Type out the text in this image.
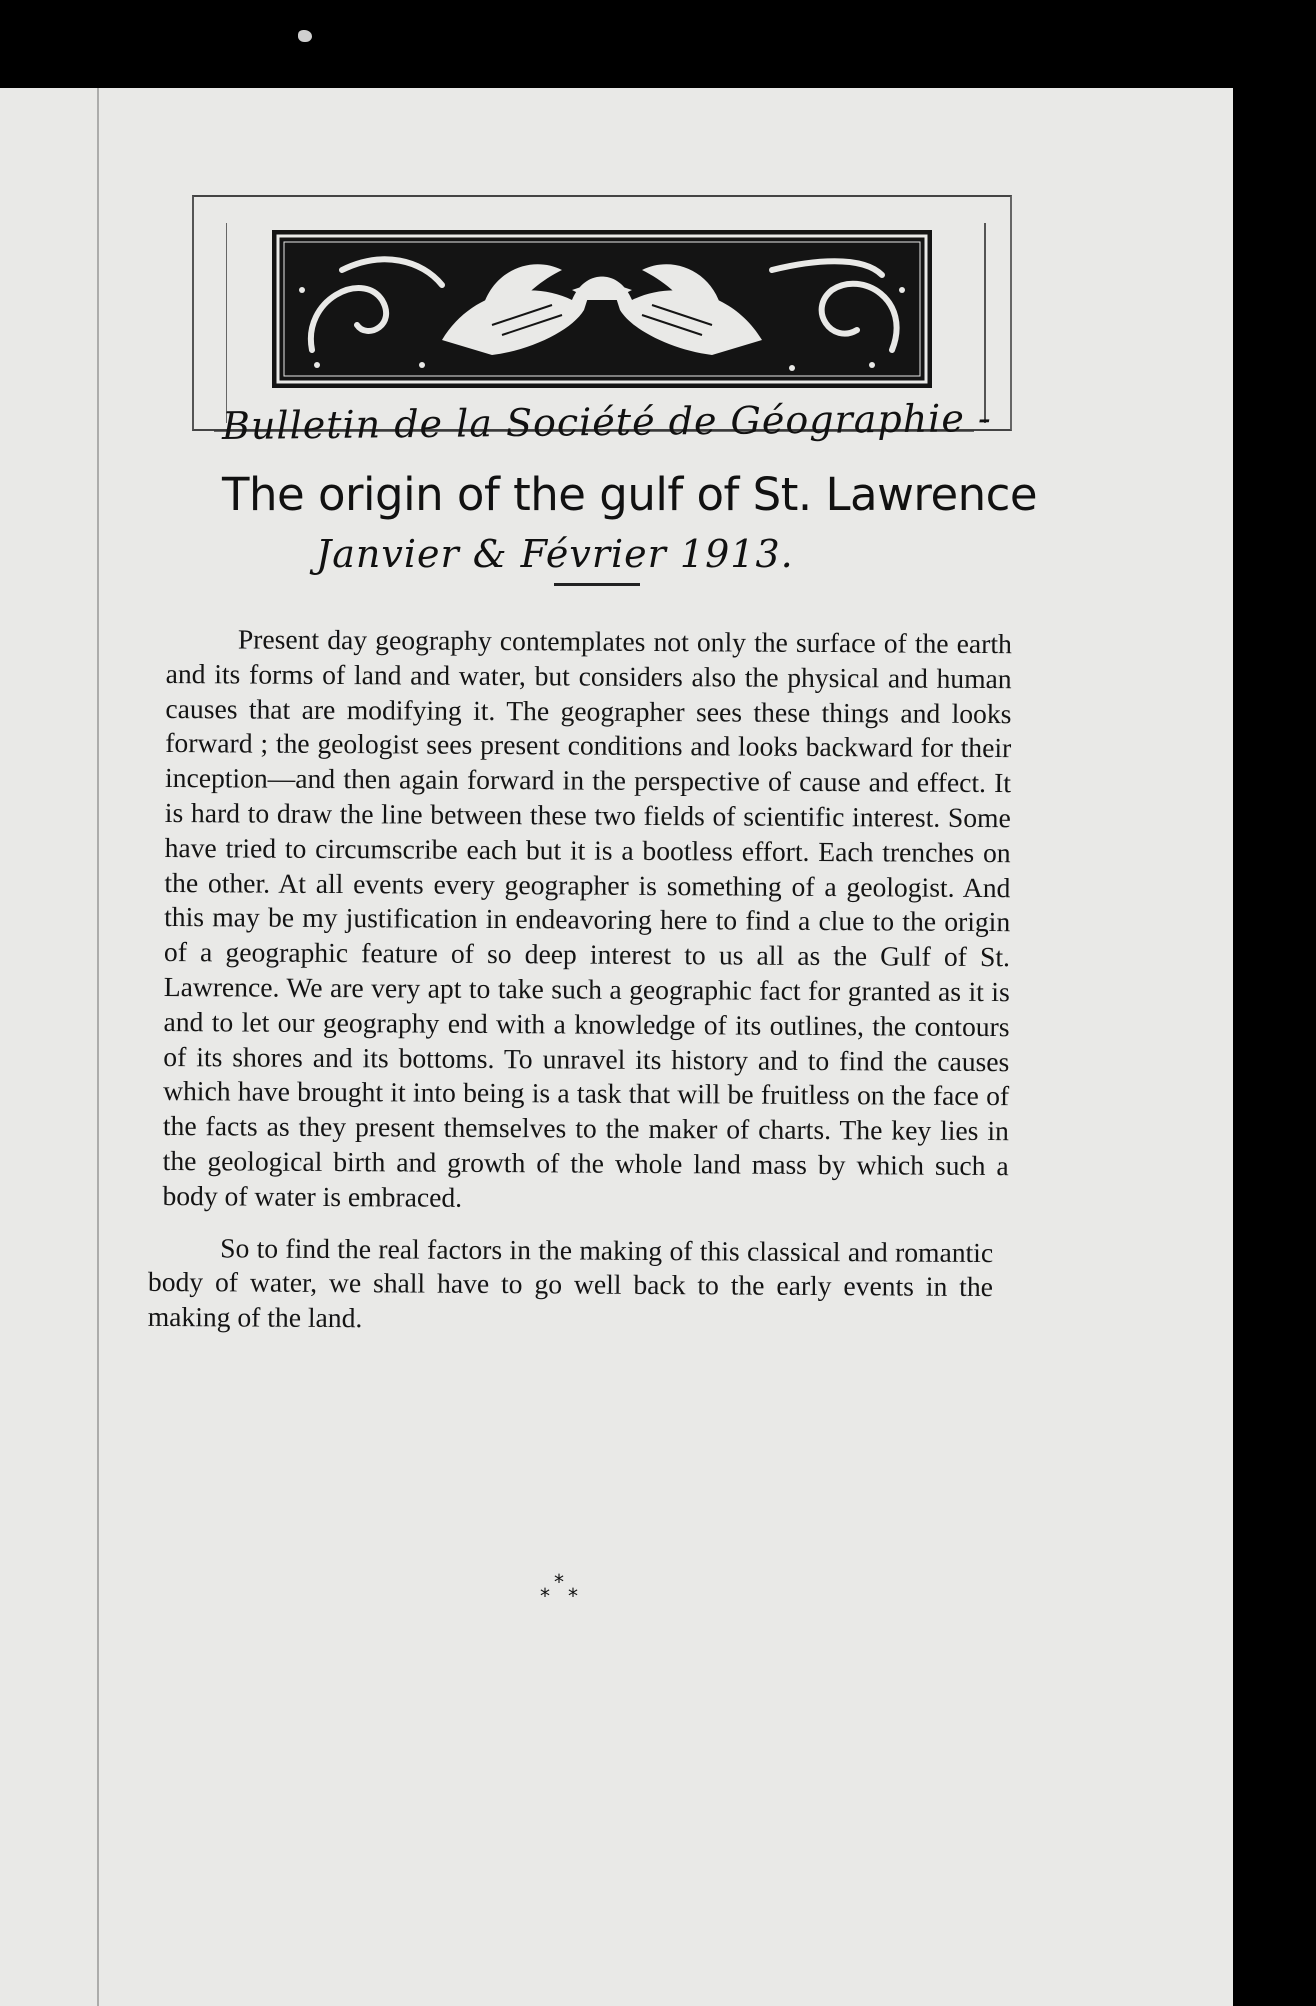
Bulletin de la Société de Géographie -
The origin of the gulf of St. Lawrence
Janvier & Février 1913.

Present day geography contemplates not only the surface of the earth and its forms of land and water, but considers also the physical and human causes that are modifying it. The geographer sees these things and looks forward ; the geologist sees present conditions and looks backward for their inception—and then again forward in the perspective of cause and effect. It is hard to draw the line between these two fields of scientific interest. Some have tried to circumscribe each but it is a bootless effort. Each trenches on the other. At all events every geographer is something of a geologist. And this may be my justification in endeavoring here to find a clue to the origin of a geographic feature of so deep interest to us all as the Gulf of St. Lawrence. We are very apt to take such a geographic fact for granted as it is and to let our geography end with a knowledge of its outlines, the contours of its shores and its bottoms. To unravel its history and to find the causes which have brought it into being is a task that will be fruitless on the face of the facts as they present themselves to the maker of charts. The key lies in the geological birth and growth of the whole land mass by which such a body of water is embraced.

So to find the real factors in the making of this classical and romantic body of water, we shall have to go well back to the early events in the making of the land.

*
* *
